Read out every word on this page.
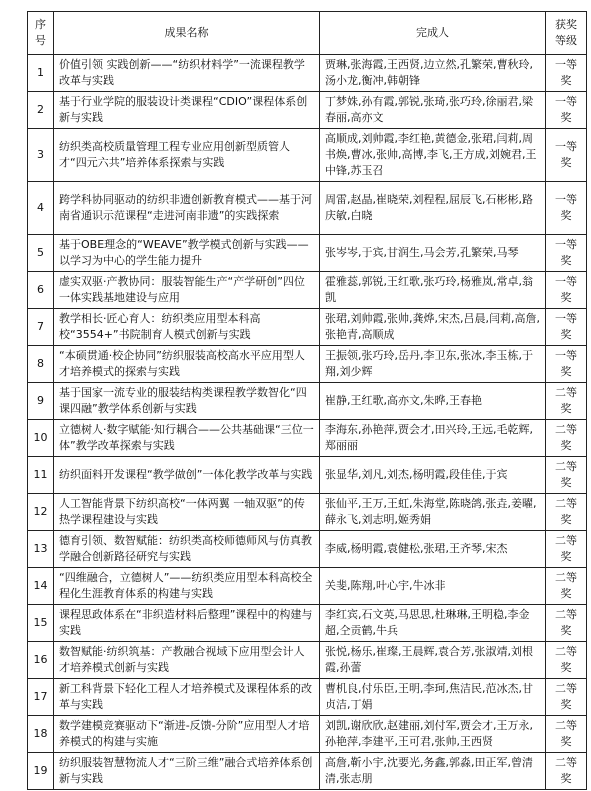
序号	成果名称	完成人	获奖等级
1	价值引领 实践创新——“纺织材料学”一流课程教学改革与实践	贾琳,张海霞,王西贤,边立然,孔繁荣,曹秋玲,汤小龙,衡冲,韩朝锋	一等奖
2	基于行业学院的服装设计类课程“CDIO”课程体系创新与实践	丁梦姝,孙有霞,郭锐,张琦,张巧玲,徐丽君,梁春丽,高亦文	一等奖
3	纺织类高校质量管理工程专业应用创新型质管人才“四元六共”培养体系探索与实践	高顺成,刘帅霞,李红艳,黄德金,张珺,闫莉,周书焕,曹冰,张帅,高博,李飞,王方成,刘婉君,王中锋,苏玉召	一等奖
4	跨学科协同驱动的纺织非遗创新教育模式——基于河南省通识示范课程“走进河南非遗”的实践探索	周雷,赵晶,崔晓荣,刘程程,屈辰飞,石彬彬,路庆敏,白晓	一等奖
5	基于OBE理念的“WEAVE”教学模式创新与实践——以学习为中心的学生能力提升	张岑岑,于宾,甘润生,马会芳,孔繁荣,马琴	一等奖
6	虚实双驱·产教协同：服装智能生产“产学研创”四位一体实践基地建设与应用	霍雅蕊,郭锐,王红歌,张巧玲,杨雅岚,常卓,翁凯	一等奖
7	教学相长·匠心育人：纺织类应用型本科高校“3554+”书院制育人模式创新与实践	张珺,刘帅霞,张帅,龚烨,宋杰,吕晨,闫莉,高詹,张艳青,高顺成	一等奖
8	“本硕贯通·校企协同”纺织服装高校高水平应用型人才培养模式的探索与实践	王振领,张巧玲,岳丹,李卫东,张冰,李玉栋,于翔,刘少辉	一等奖
9	基于国家一流专业的服装结构类课程教学数智化“四课四融”教学体系创新与实践	崔静,王红歌,高亦文,朱晔,王春艳	二等奖
10	立德树人·数字赋能·知行耦合——公共基础课“三位一体”教学改革探索与实践	李海东,孙艳萍,贾会才,田兴玲,王远,毛乾辉,郑丽丽	二等奖
11	纺织面料开发课程“教学做创”一体化教学改革与实践	张显华,刘凡,刘杰,杨明霞,段佳佳,于宾	二等奖
12	人工智能背景下纺织高校“一体两翼 一轴双驱”的传热学课程建设与实践	张仙平,王万,王虹,朱海堂,陈晓鸽,张垚,姜曜,薛永飞,刘志明,姬秀娟	二等奖
13	德育引领、数智赋能：纺织类高校师德师风与仿真教学融合创新路径研究与实践	李威,杨明霞,袁健松,张珺,王齐琴,宋杰	二等奖
14	“四维融合，立德树人”——纺织类应用型本科高校全程化生涯教育体系的构建与实践	关斐,陈翔,叶心宇,牛冰非	二等奖
15	课程思政体系在“非织造材料后整理”课程中的构建与实践	李红宾,石文英,马思思,杜琳琳,王明稳,李金超,仝贡鹤,牛兵	二等奖
16	数智赋能·纺织筑基：产教融合视域下应用型会计人才培养模式创新与实践	张悦,杨乐,崔璨,王晨辉,袁合芳,张淑靖,刘根霞,孙蕾	二等奖
17	新工科背景下轻化工程人才培养模式及课程体系的改革与实践	曹机良,付乐臣,王明,李珂,焦洁民,范冰杰,甘贞洁,丁娟	二等奖
18	数学建模竞赛驱动下“渐进-反馈-分阶”应用型人才培养模式的构建与实施	刘凯,谢欣欣,赵建丽,刘付军,贾会才,王万永,孙艳萍,李建平,王可君,张帅,王西贤	二等奖
19	纺织服装智慧物流人才“三阶三维”融合式培养体系创新与实践	高詹,靳小宇,沈要光,务鑫,郭淼,田正军,曾清清,张志朋	二等奖
